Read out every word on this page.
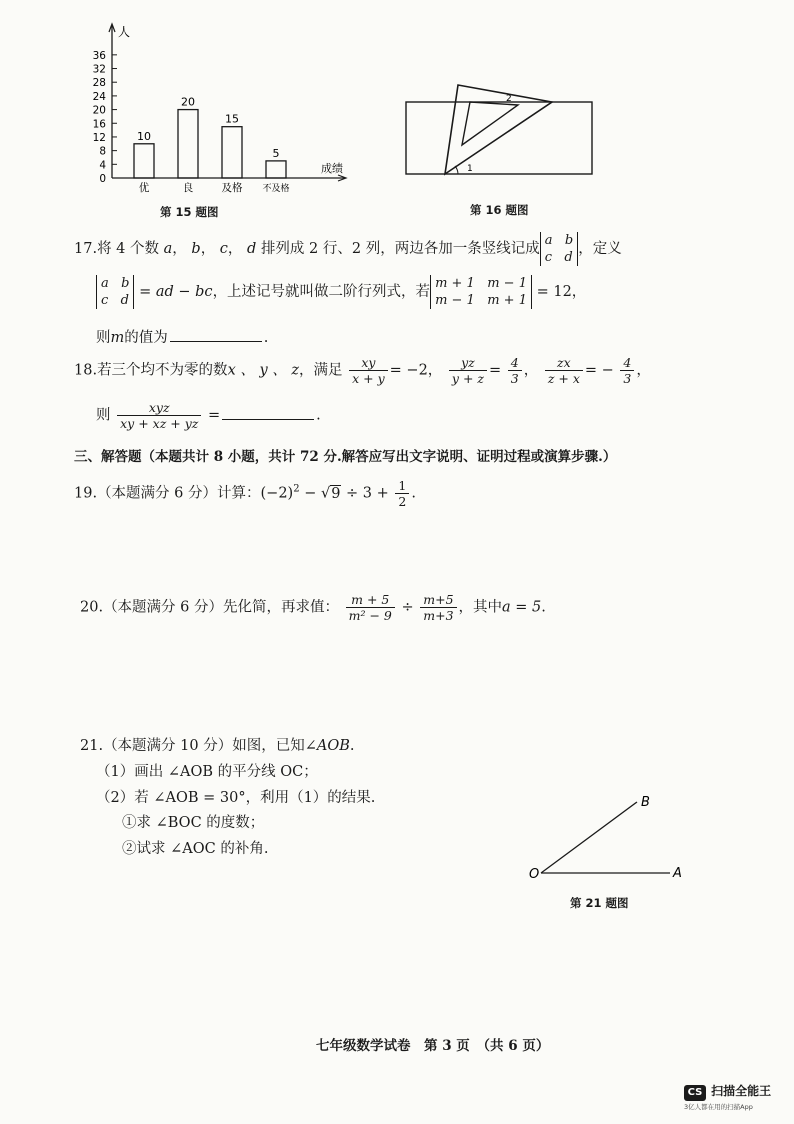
人
成绩
0
4
8
12
16
20
24
28
32
36
10
优
20
良
15
及格
5
不及格
第 15 题图
1
2
第 16 题图
17.将 4 个数 a， b， c， d 排列成 2 行、2 列，两边各加一条竖线记成
a   b
c   d
，定义
a   b
c   d
= ad − bc，上述记号就叫做二阶行列式，若
m + 1   m − 1
m − 1   m + 1
= 12，
则m的值为	.
18.若三个均不为零的数x 、 y 、 z，满足 $\frac{xy}{x + y} = -2$， $\frac{yz}{y + z} = \frac{4}{3}$ ， $\frac{zx}{z + x}$ = − $\frac{4}{3}$ ，
则 $\frac{\text{xyz}}{xy + xz + yz}$ =	.
三、解答题（本题共计 8 小题，共计 72 分.解答应写出文字说明、证明过程或演算步骤.）
19.（本题满分 6 分）计算：$(-2)^2 - √9 \div 3 + \frac{1}{2}$ .
20.（本题满分 6 分）先化简，再求值： $\frac{m + 5}{\text{m² − 9}} \div \frac{m+5}{m+3}$ ，其中a = 5.
21.（本题满分 10 分）如图，已知∠AOB.
（1）画出 ∠AOB 的平分线 OC；
（2）若 ∠AOB = 30°，利用（1）的结果.
①求 ∠BOC 的度数；
②试求 ∠AOC 的补角.
O	A
B
第 21 题图
七年级数学试卷　第 3 页　（共 6 页）
CS 扫描全能王
3亿人都在用的扫描App
